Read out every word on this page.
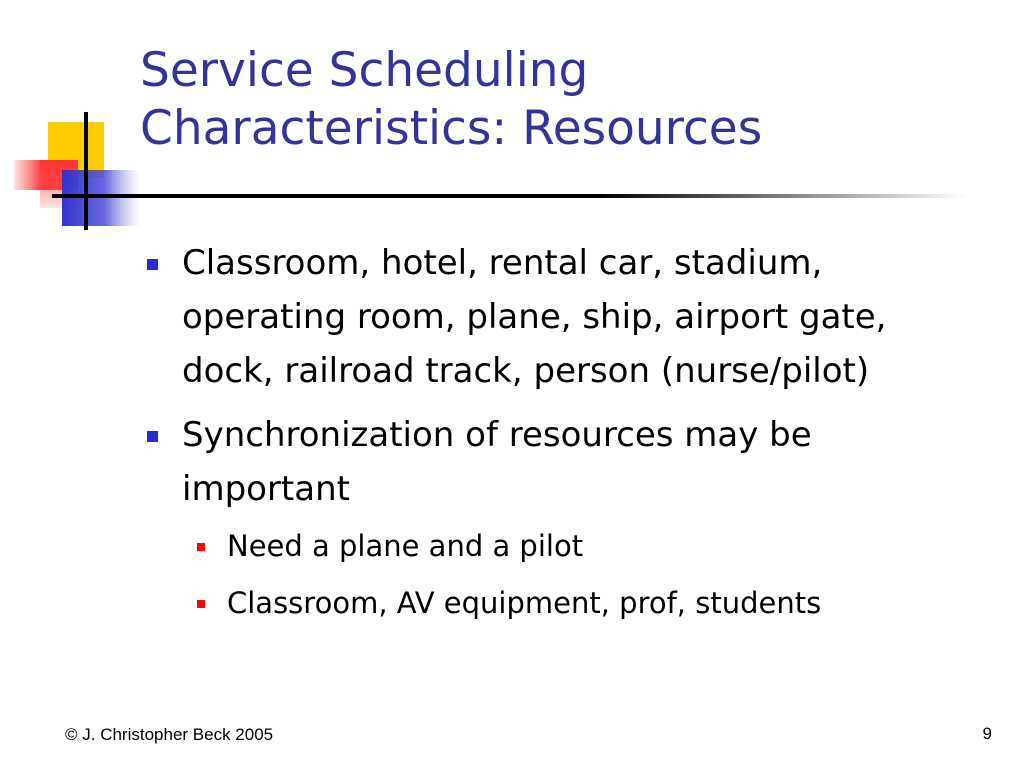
Service Scheduling
Characteristics: Resources
Classroom, hotel, rental car, stadium, operating room, plane, ship, airport gate, dock, railroad track, person (nurse/pilot)
Synchronization of resources may be important
Need a plane and a pilot
Classroom, AV equipment, prof, students
© J. Christopher Beck 2005	9
